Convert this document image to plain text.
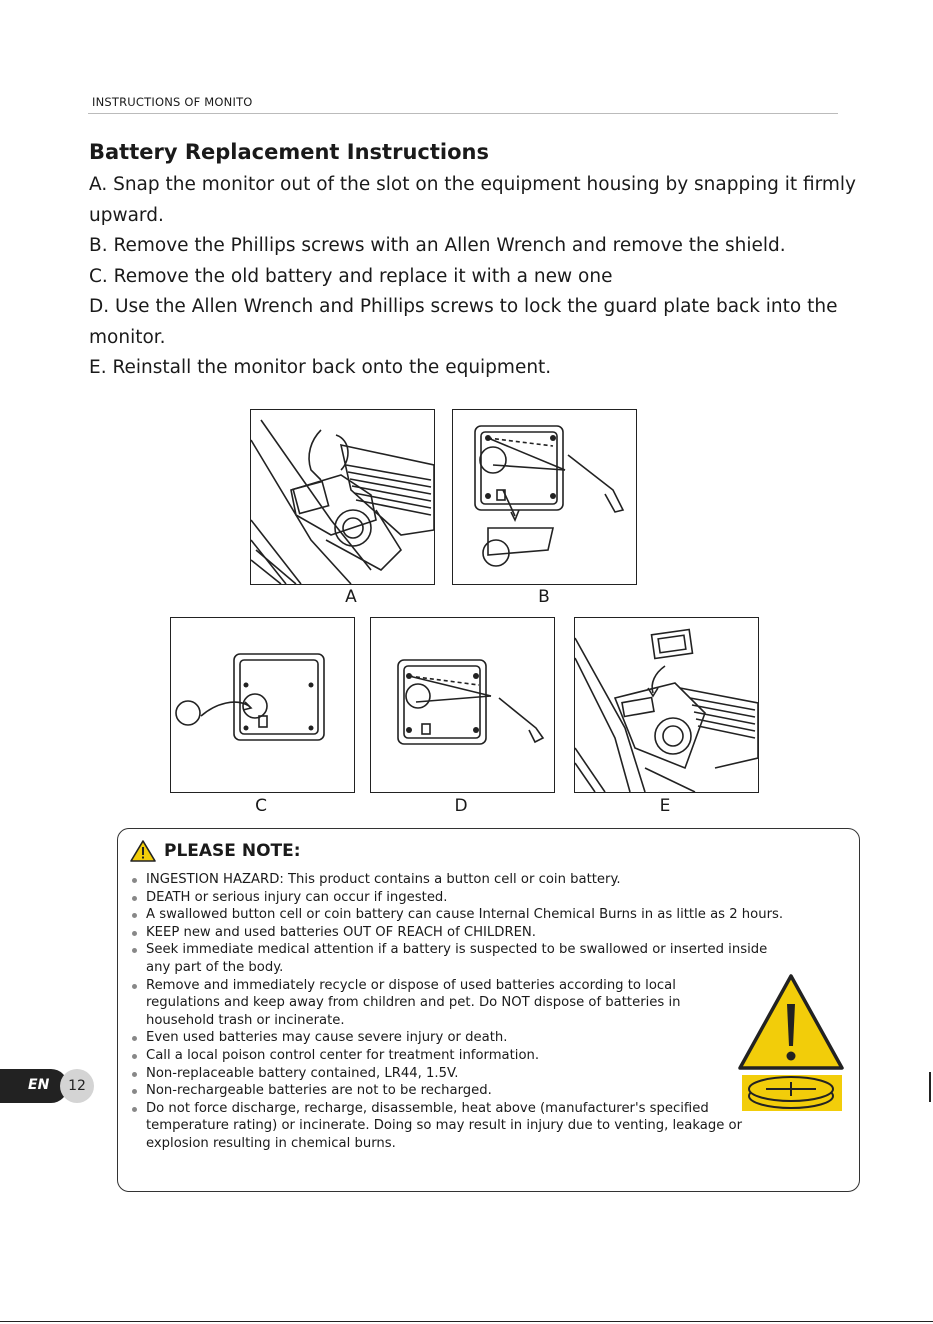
INSTRUCTIONS OF MONITO
Battery Replacement Instructions

A. Snap the monitor out of the slot on the equipment housing by snapping it firmly upward.

B. Remove the Phillips screws with an Allen Wrench and remove the shield.

C. Remove the old battery and replace it with a new one

D. Use the Allen Wrench and Phillips screws to lock the guard plate back into the monitor.

E. Reinstall the monitor back onto the equipment.

A	B
C	D	E
PLEASE NOTE:
INGESTION HAZARD: This product contains a button cell or coin battery.
DEATH or serious injury can occur if ingested.
A swallowed button cell or coin battery can cause Internal Chemical Burns in as little as 2 hours.
KEEP new and used batteries OUT OF REACH of CHILDREN.
Seek immediate medical attention if a battery is suspected to be swallowed or inserted inside any part of the body.
Remove and immediately recycle or dispose of used batteries according to local regulations and keep away from children and pet. Do NOT dispose of batteries in household trash or incinerate.
Even used batteries may cause severe injury or death.
Call a local poison control center for treatment information.
Non-replaceable battery contained, LR44, 1.5V.
Non-rechargeable batteries are not to be recharged.
Do not force discharge, recharge, disassemble, heat above (manufacturer's specified temperature rating) or incinerate. Doing so may result in injury due to venting, leakage or explosion resulting in chemical burns.
EN	12
